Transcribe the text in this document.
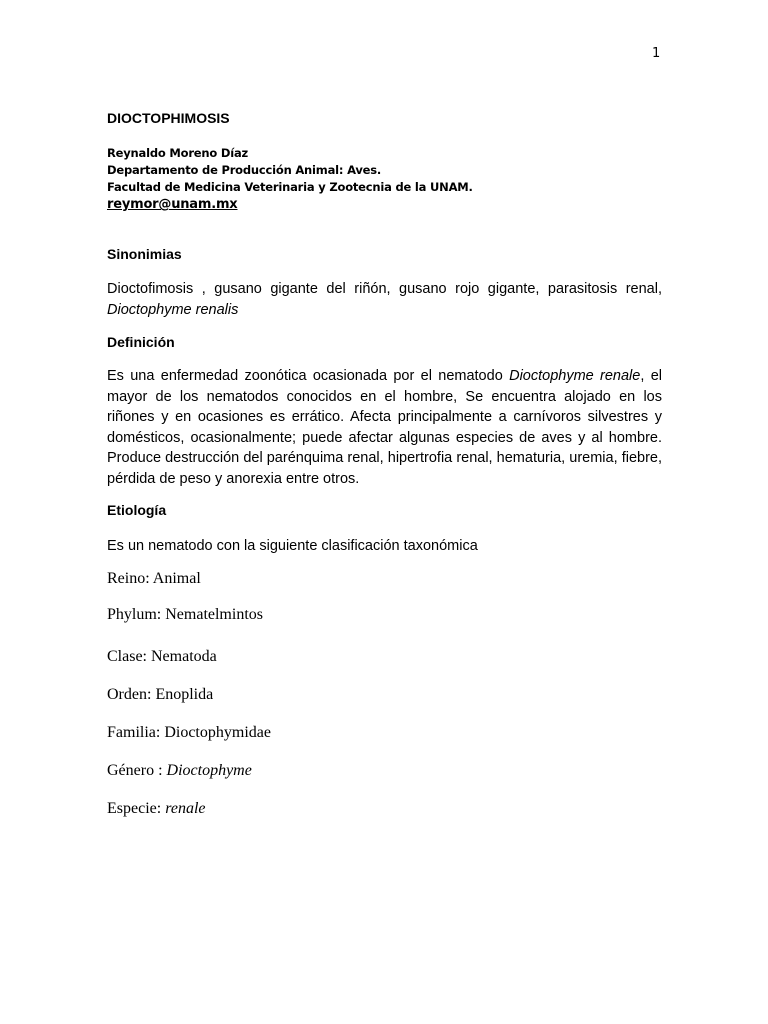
1
DIOCTOPHIMOSIS
Reynaldo Moreno Díaz
Departamento de Producción Animal: Aves.
Facultad de Medicina Veterinaria y Zootecnia de la UNAM.
reymor@unam.mx
Sinonimias
Dioctofimosis , gusano gigante del riñón, gusano rojo gigante, parasitosis renal,
Dioctophyme renalis
Definición

Es una enfermedad zoonótica ocasionada por el nematodo Dioctophyme renale, el mayor de los nematodos conocidos en el hombre, Se encuentra alojado en los riñones y en ocasiones es errático. Afecta principalmente a carnívoros silvestres y domésticos, ocasionalmente; puede afectar algunas especies de aves y al hombre. Produce destrucción del parénquima renal, hipertrofia renal, hematuria, uremia, fiebre, pérdida de peso y anorexia entre otros.

Etiología
Es un nematodo con la siguiente clasificación taxonómica
Reino: Animal
Phylum: Nematelmintos
Clase: Nematoda
Orden: Enoplida
Familia: Dioctophymidae
Género : Dioctophyme
Especie: renale
